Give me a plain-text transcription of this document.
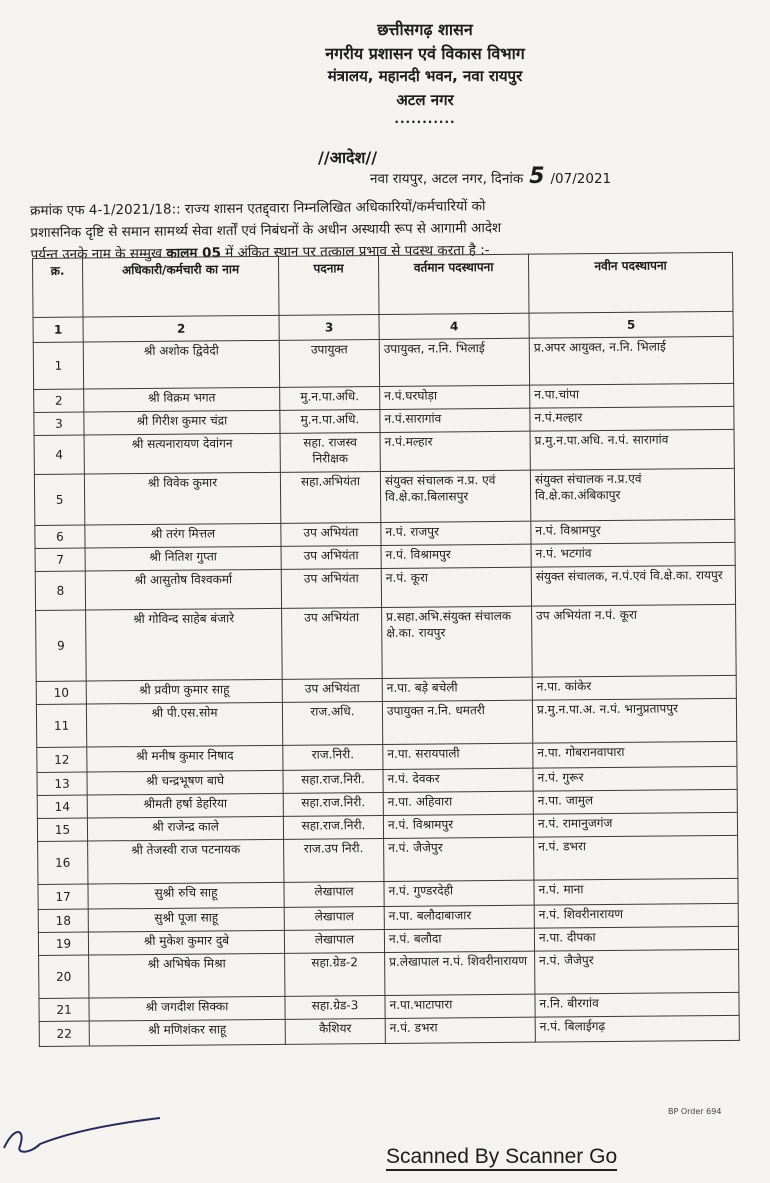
छत्तीसगढ़ शासन
नगरीय प्रशासन एवं विकास विभाग
मंत्रालय, महानदी भवन, नवा रायपुर
अटल नगर
...........
//आदेश//
नवा रायपुर, अटल नगर, दिनांक 5 /07/2021
क्रमांक एफ 4-1/2021/18:: राज्य शासन एतद्द्वारा निम्नलिखित अधिकारियों/कर्मचारियों को
प्रशासनिक दृष्टि से समान सामर्थ्य सेवा शर्तों एवं निबंधनों के अधीन अस्थायी रूप से आगामी आदेश
पर्यन्त उनके नाम के सम्मुख कालम 05 में अंकित स्थान पर तत्काल प्रभाव से पदस्थ करता है :-
क्र.	अधिकारी/कर्मचारी का नाम	पदनाम	वर्तमान पदस्थापना	नवीन पदस्थापना
1	2	3	4	5
1	श्री अशोक द्विवेदी	उपायुक्त	उपायुक्त, न.नि. भिलाई	प्र.अपर आयुक्त, न.नि. भिलाई
2	श्री विक्रम भगत	मु.न.पा.अधि.	न.पं.घरघोड़ा	न.पा.चांपा
3	श्री गिरीश कुमार चंद्रा	मु.न.पा.अधि.	न.पं.सारागांव	न.पं.मल्हार
4	श्री सत्यनारायण देवांगन	सहा. राजस्व निरीक्षक	न.पं.मल्हार	प्र.मु.न.पा.अधि. न.पं. सारागांव
5	श्री विवेक कुमार	सहा.अभियंता	संयुक्त संचालक न.प्र. एवं वि.क्षे.का.बिलासपुर	संयुक्त संचालक न.प्र.एवं वि.क्षे.का.अंबिकापुर
6	श्री तरंग मित्तल	उप अभियंता	न.पं. राजपुर	न.पं. विश्रामपुर
7	श्री नितिश गुप्ता	उप अभियंता	न.पं. विश्रामपुर	न.पं. भटगांव
8	श्री आसुतोष विश्वकर्मा	उप अभियंता	न.पं. कूरा	संयुक्त संचालक, न.पं.एवं वि.क्षे.का. रायपुर
9	श्री गोविन्द साहेब बंजारे	उप अभियंता	प्र.सहा.अभि.संयुक्त संचालक क्षे.का. रायपुर	उप अभियंता न.पं. कूरा
10	श्री प्रवीण कुमार साहू	उप अभियंता	न.पा. बड़े बचेली	न.पा. कांकेर
11	श्री पी.एस.सोम	राज.अधि.	उपायुक्त न.नि. धमतरी	प्र.मु.न.पा.अ. न.पं. भानुप्रतापपुर
12	श्री मनीष कुमार निषाद	राज.निरी.	न.पा. सरायपाली	न.पा. गोबरानवापारा
13	श्री चन्द्रभूषण बाघे	सहा.राज.निरी.	न.पं. देवकर	न.पं. गुरूर
14	श्रीमती हर्षा डेहरिया	सहा.राज.निरी.	न.पा. अहिवारा	न.पा. जामुल
15	श्री राजेन्द्र काले	सहा.राज.निरी.	न.पं. विश्रामपुर	न.पं. रामानुजगंज
16	श्री तेजस्वी राज पटनायक	राज.उप निरी.	न.पं. जैजेपुर	न.पं. डभरा
17	सुश्री रुचि साहू	लेखापाल	न.पं. गुण्डरदेही	न.पं. माना
18	सुश्री पूजा साहू	लेखापाल	न.पा. बलौदाबाजार	न.पं. शिवरीनारायण
19	श्री मुकेश कुमार दुबे	लेखापाल	न.पं. बलौदा	न.पा. दीपका
20	श्री अभिषेक मिश्रा	सहा.ग्रेड-2	प्र.लेखापाल न.पं. शिवरीनारायण	न.पं. जैजेपुर
21	श्री जगदीश सिक्का	सहा.ग्रेड-3	न.पा.भाटापारा	न.नि. बीरगांव
22	श्री मणिशंकर साहू	कैशियर	न.पं. डभरा	न.पं. बिलाईगढ़
BP Order 694
Scanned By Scanner Go
